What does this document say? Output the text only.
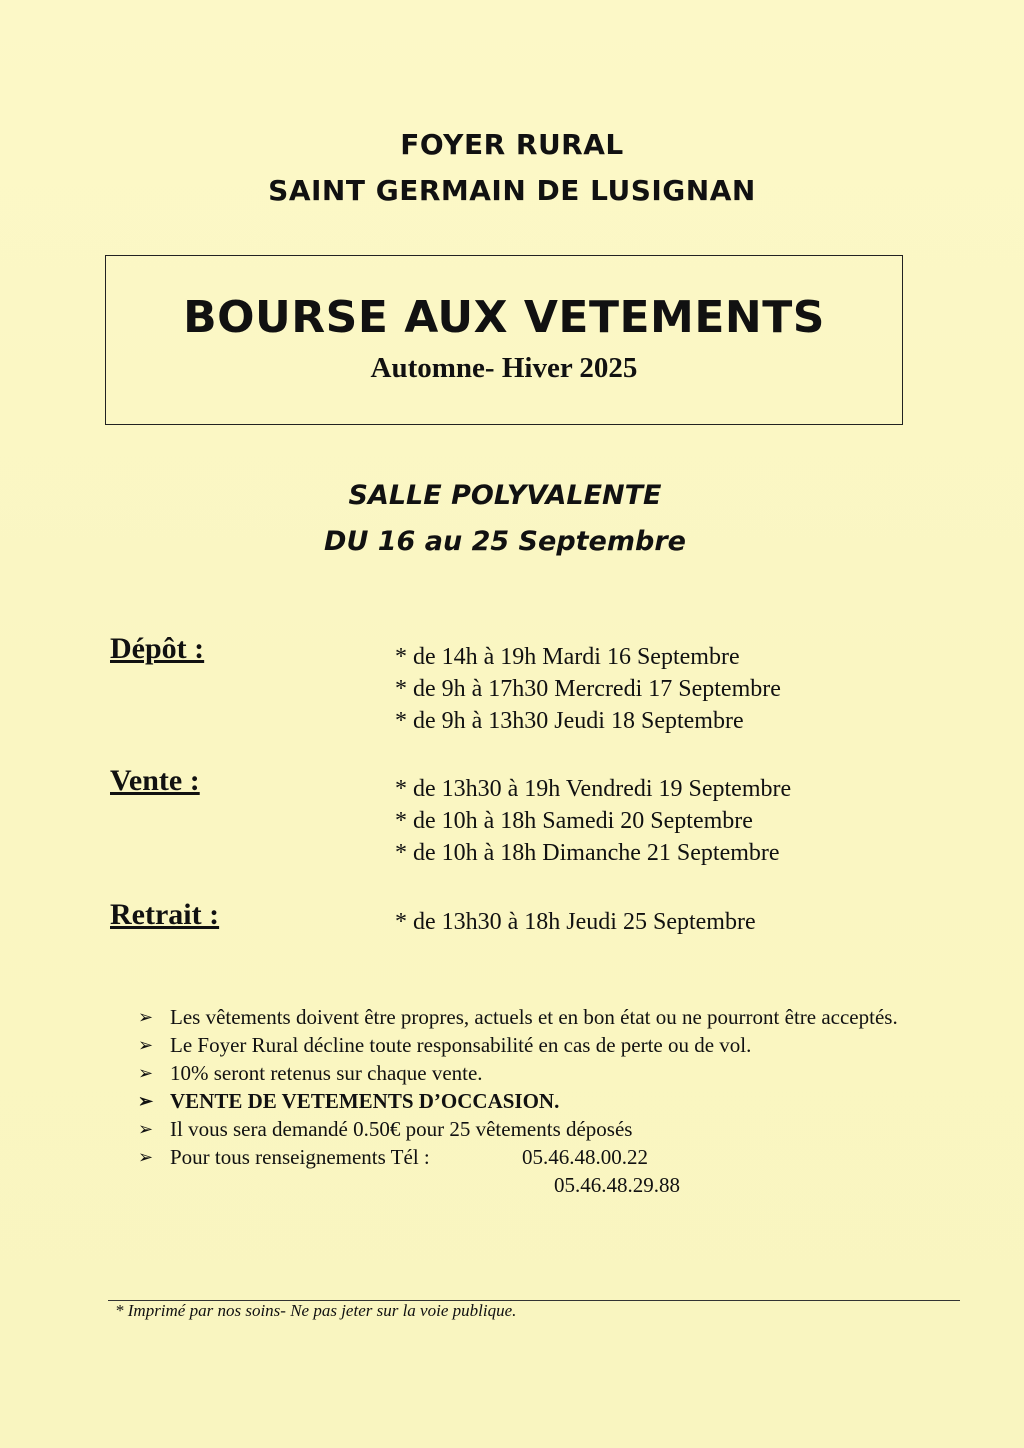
FOYER RURAL
SAINT GERMAIN DE LUSIGNAN
BOURSE AUX VETEMENTS
Automne- Hiver 2025
SALLE POLYVALENTE
DU 16 au 25 Septembre
Dépôt :	* de 14h à 19h Mardi 16 Septembre
* de 9h à 17h30 Mercredi 17 Septembre
* de 9h à 13h30 Jeudi 18 Septembre
Vente :	* de 13h30 à 19h Vendredi 19 Septembre
* de 10h à 18h Samedi 20 Septembre
* de 10h à 18h Dimanche 21 Septembre
Retrait :	* de 13h30 à 18h Jeudi 25 Septembre
➢ Les vêtements doivent être propres, actuels et en bon état ou ne pourront être acceptés.
➢ Le Foyer Rural décline toute responsabilité en cas de perte ou de vol.
➢ 10% seront retenus sur chaque vente.
➢ VENTE DE VETEMENTS D’OCCASION.
➢ Il vous sera demandé 0.50€ pour 25 vêtements déposés
➢ Pour tous renseignements Tél :	05.46.48.00.22
05.46.48.29.88
* Imprimé par nos soins- Ne pas jeter sur la voie publique.
